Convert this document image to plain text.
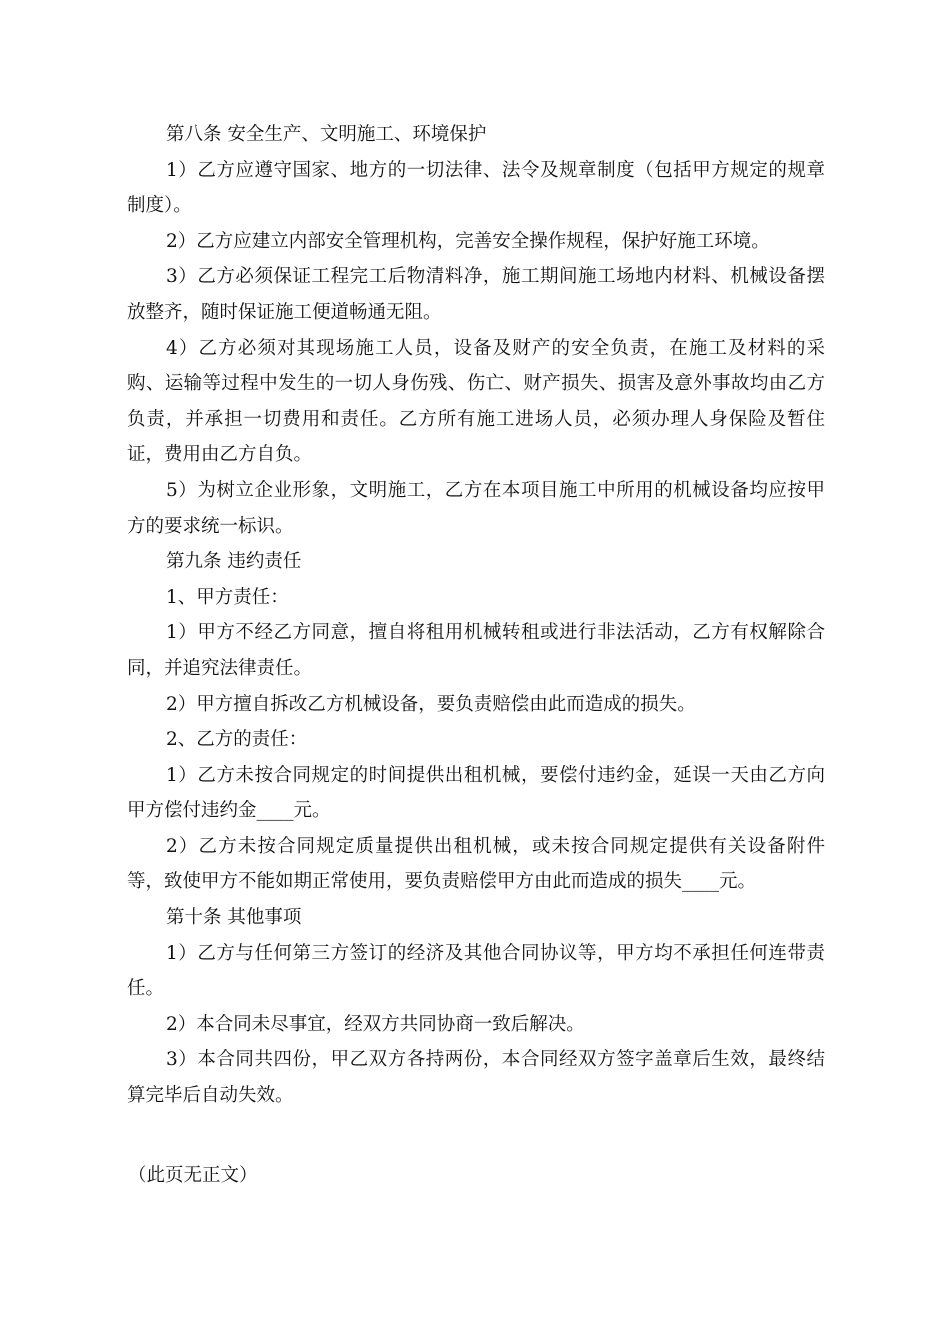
第八条 安全生产、文明施工、环境保护

1）乙方应遵守国家、地方的一切法律、法令及规章制度（包括甲方规定的规章制度）。

2）乙方应建立内部安全管理机构，完善安全操作规程，保护好施工环境。

3）乙方必须保证工程完工后物清料净，施工期间施工场地内材料、机械设备摆放整齐，随时保证施工便道畅通无阻。

4）乙方必须对其现场施工人员，设备及财产的安全负责，在施工及材料的采购、运输等过程中发生的一切人身伤残、伤亡、财产损失、损害及意外事故均由乙方负责，并承担一切费用和责任。乙方所有施工进场人员，必须办理人身保险及暂住证，费用由乙方自负。

5）为树立企业形象，文明施工，乙方在本项目施工中所用的机械设备均应按甲方的要求统一标识。

第九条 违约责任

1、甲方责任：

1）甲方不经乙方同意，擅自将租用机械转租或进行非法活动，乙方有权解除合同，并追究法律责任。

2）甲方擅自拆改乙方机械设备，要负责赔偿由此而造成的损失。

2、乙方的责任：

1）乙方未按合同规定的时间提供出租机械，要偿付违约金，延误一天由乙方向甲方偿付违约金____元。

2）乙方未按合同规定质量提供出租机械，或未按合同规定提供有关设备附件等，致使甲方不能如期正常使用，要负责赔偿甲方由此而造成的损失____元。

第十条 其他事项

1）乙方与任何第三方签订的经济及其他合同协议等，甲方均不承担任何连带责任。

2）本合同未尽事宜，经双方共同协商一致后解决。

3）本合同共四份，甲乙双方各持两份，本合同经双方签字盖章后生效，最终结算完毕后自动失效。

（此页无正文）
